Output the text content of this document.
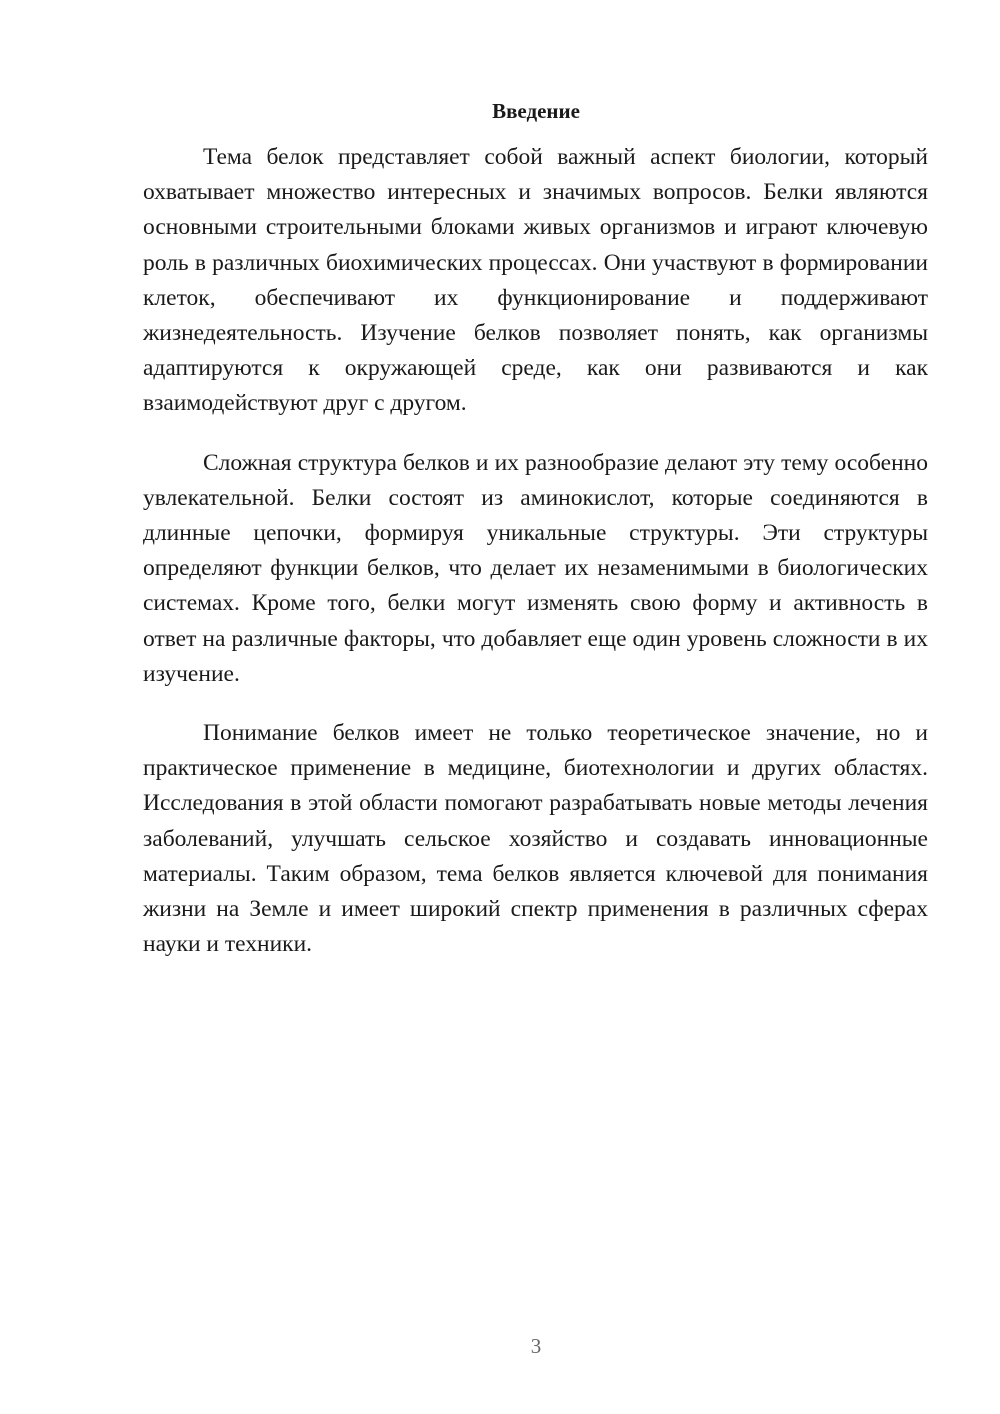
Введение

Тема белок представляет собой важный аспект биологии, который охватывает множество интересных и значимых вопросов. Белки являются основными строительными блоками живых организмов и играют ключевую роль в различных биохимических процессах. Они участвуют в формировании клеток, обеспечивают их функционирование и поддерживают жизнедеятельность. Изучение белков позволяет понять, как организмы адаптируются к окружающей среде, как они развиваются и как взаимодействуют друг с другом.

Сложная структура белков и их разнообразие делают эту тему особенно увлекательной. Белки состоят из аминокислот, которые соединяются в длинные цепочки, формируя уникальные структуры. Эти структуры определяют функции белков, что делает их незаменимыми в биологических системах. Кроме того, белки могут изменять свою форму и активность в ответ на различные факторы, что добавляет еще один уровень сложности в их изучение.

Понимание белков имеет не только теоретическое значение, но и практическое применение в медицине, биотехнологии и других областях. Исследования в этой области помогают разрабатывать новые методы лечения заболеваний, улучшать сельское хозяйство и создавать инновационные материалы. Таким образом, тема белков является ключевой для понимания жизни на Земле и имеет широкий спектр применения в различных сферах науки и техники.

3
